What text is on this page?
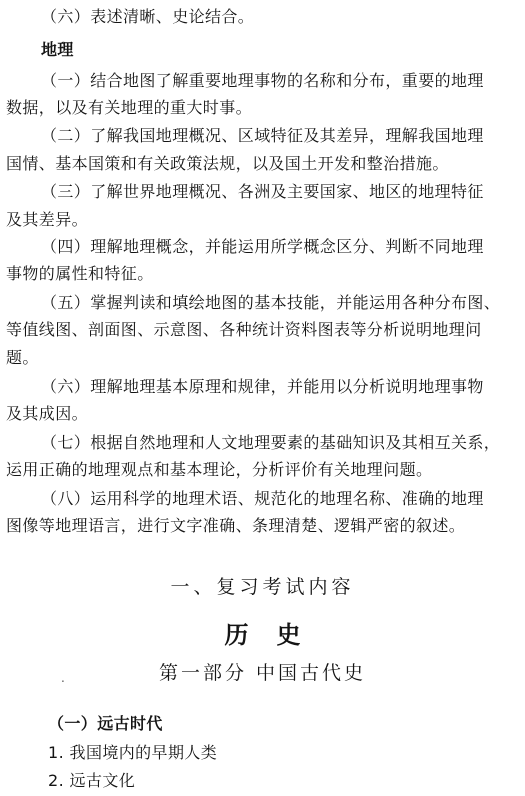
（六）表述清晰、史论结合。
地理
（一）结合地图了解重要地理事物的名称和分布，重要的地理
数据，以及有关地理的重大时事。
（二）了解我国地理概况、区域特征及其差异，理解我国地理
国情、基本国策和有关政策法规，以及国土开发和整治措施。
（三）了解世界地理概况、各洲及主要国家、地区的地理特征
及其差异。
（四）理解地理概念，并能运用所学概念区分、判断不同地理
事物的属性和特征。
（五）掌握判读和填绘地图的基本技能，并能运用各种分布图、
等值线图、剖面图、示意图、各种统计资料图表等分析说明地理问
题。
（六）理解地理基本原理和规律，并能用以分析说明地理事物
及其成因。
（七）根据自然地理和人文地理要素的基础知识及其相互关系，
运用正确的地理观点和基本理论，分析评价有关地理问题。
（八）运用科学的地理术语、规范化的地理名称、准确的地理
图像等地理语言，进行文字准确、条理清楚、逻辑严密的叙述。
一、复习考试内容
历史
.	第一部分 中国古代史
（一）远古时代
1. 我国境内的早期人类
2. 远古文化
